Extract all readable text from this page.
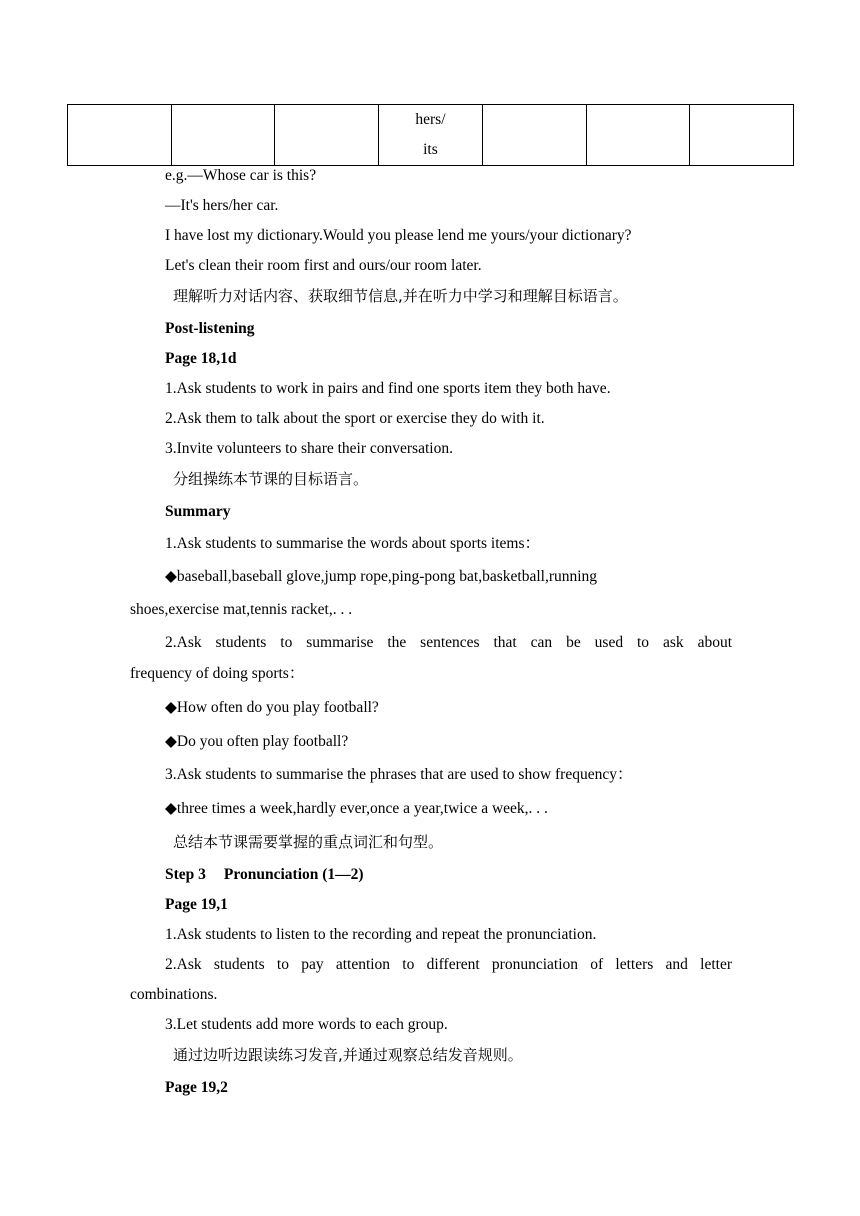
			hers/
its			
e.g.—Whose car is this?
—It's hers/her car.
I have lost my dictionary.Would you please lend me yours/your dictionary?
Let's clean their room first and ours/our room later.
理解听力对话内容、获取细节信息,并在听力中学习和理解目标语言。
Post-listening
Page 18,1d
1.Ask students to work in pairs and find one sports item they both have.
2.Ask them to talk about the sport or exercise they do with it.
3.Invite volunteers to share their conversation.
分组操练本节课的目标语言。
Summary
1.Ask students to summarise the words about sports items：
◆baseball,baseball glove,jump rope,ping-pong bat,basketball,running
shoes,exercise mat,tennis racket,. . .
2.Ask students to summarise the sentences that can be used to ask about
frequency of doing sports：
◆How often do you play football?
◆Do you often play football?
3.Ask students to summarise the phrases that are used to show frequency：
◆three times a week,hardly ever,once a year,twice a week,. . .
总结本节课需要掌握的重点词汇和句型。
Step 3 Pronunciation (1—2)
Page 19,1
1.Ask students to listen to the recording and repeat the pronunciation.
2.Ask students to pay attention to different pronunciation of letters and letter
combinations.
3.Let students add more words to each group.
通过边听边跟读练习发音,并通过观察总结发音规则。
Page 19,2
